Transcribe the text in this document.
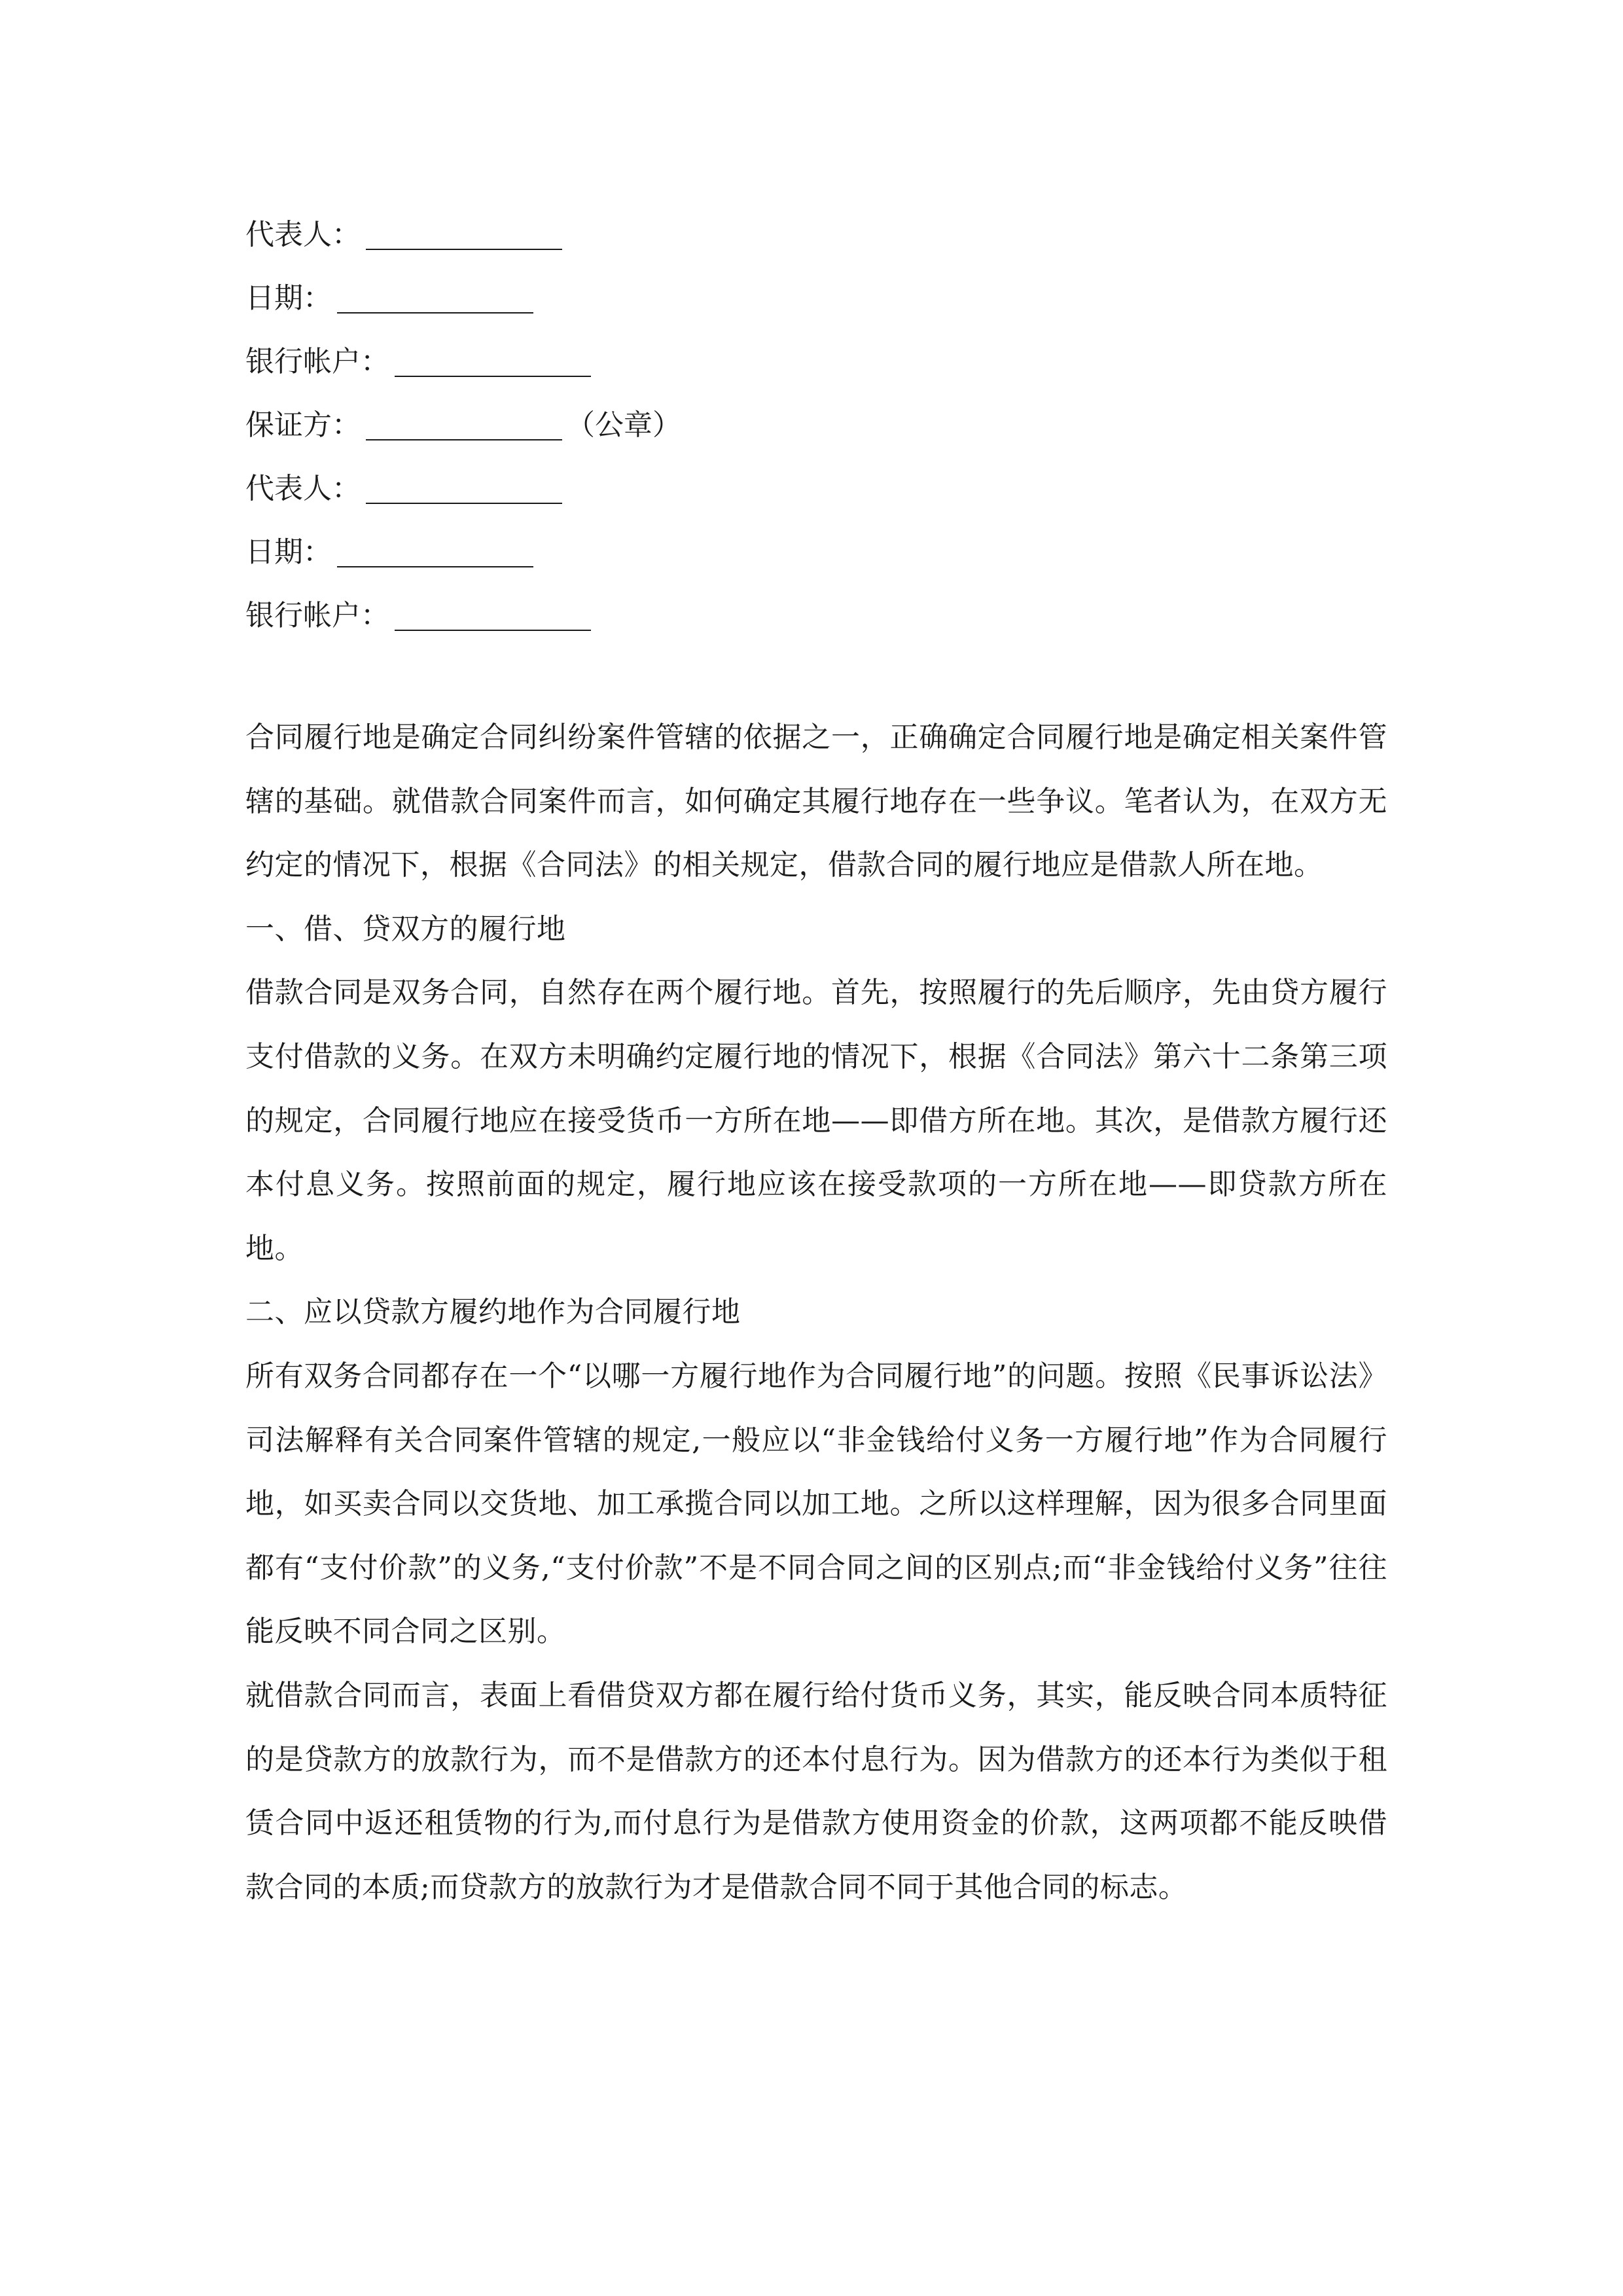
代表人：
日期：
银行帐户：
保证方：	（公章）
代表人：
日期：
银行帐户：

合同履行地是确定合同纠纷案件管辖的依据之一，正确确定合同履行地是确定相关案件管辖的基础。就借款合同案件而言，如何确定其履行地存在一些争议。笔者认为，在双方无约定的情况下，根据《合同法》的相关规定，借款合同的履行地应是借款人所在地。

一、借、贷双方的履行地

借款合同是双务合同，自然存在两个履行地。首先，按照履行的先后顺序，先由贷方履行支付借款的义务。在双方未明确约定履行地的情况下，根据《合同法》第六十二条第三项的规定，合同履行地应在接受货币一方所在地——即借方所在地。其次，是借款方履行还本付息义务。按照前面的规定，履行地应该在接受款项的一方所在地——即贷款方所在地。

二、应以贷款方履约地作为合同履行地

所有双务合同都存在一个“以哪一方履行地作为合同履行地”的问题。按照《民事诉讼法》司法解释有关合同案件管辖的规定,一般应以“非金钱给付义务一方履行地”作为合同履行地，如买卖合同以交货地、加工承揽合同以加工地。之所以这样理解，因为很多合同里面都有“支付价款”的义务,“支付价款”不是不同合同之间的区别点;而“非金钱给付义务”往往能反映不同合同之区别。

就借款合同而言，表面上看借贷双方都在履行给付货币义务，其实，能反映合同本质特征的是贷款方的放款行为，而不是借款方的还本付息行为。因为借款方的还本行为类似于租赁合同中返还租赁物的行为,而付息行为是借款方使用资金的价款，这两项都不能反映借款合同的本质;而贷款方的放款行为才是借款合同不同于其他合同的标志。
